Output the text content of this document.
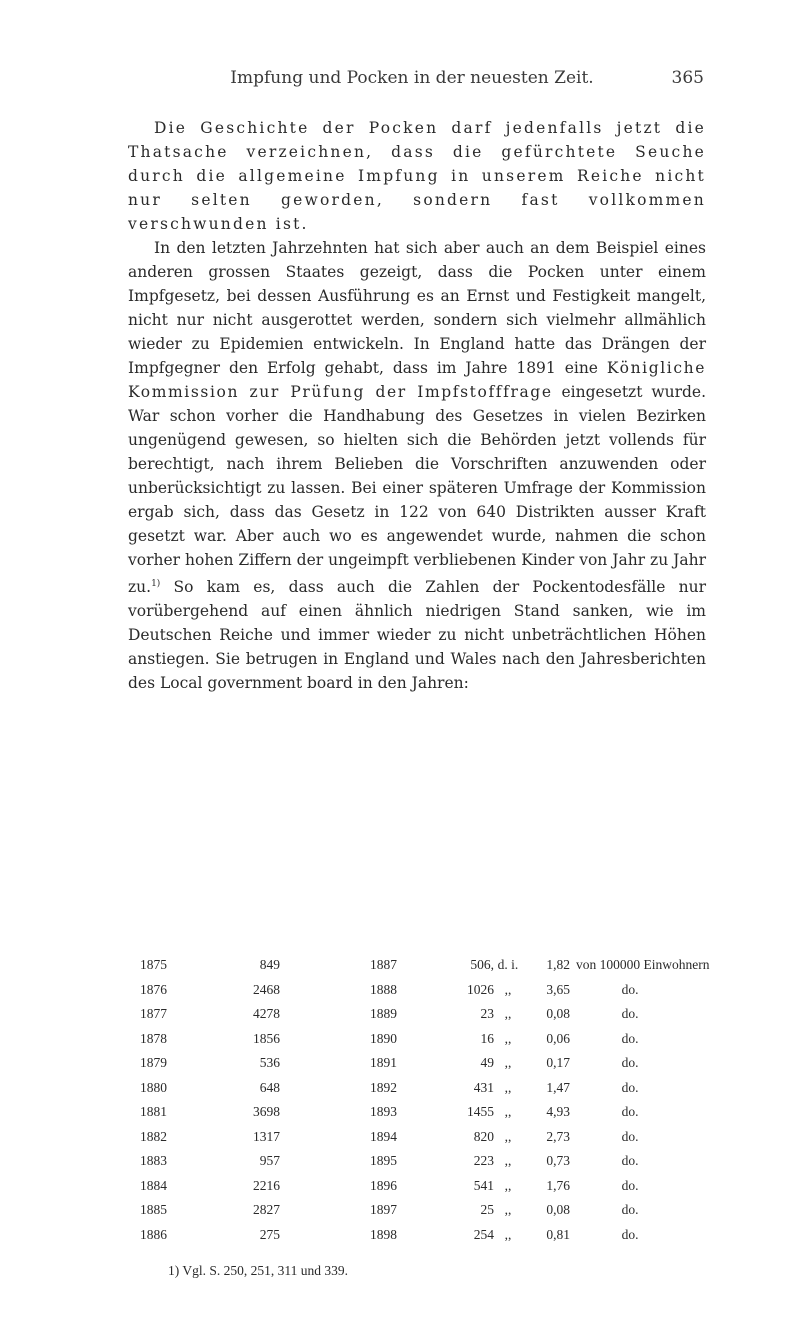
Impfung und Pocken in der neuesten Zeit.	365

Die Geschichte der Pocken darf jedenfalls jetzt die Thatsache verzeichnen, dass die gefürchtete Seuche durch die allgemeine Impfung in unserem Reiche nicht nur selten geworden, sondern fast vollkommen verschwunden ist.

In den letzten Jahrzehnten hat sich aber auch an dem Beispiel eines anderen grossen Staates gezeigt, dass die Pocken unter einem Impfgesetz, bei dessen Ausführung es an Ernst und Festigkeit mangelt, nicht nur nicht ausgerottet werden, sondern sich vielmehr allmählich wieder zu Epidemien entwickeln. In England hatte das Drängen der Impfgegner den Erfolg gehabt, dass im Jahre 1891 eine Königliche Kommission zur Prüfung der Impfstofffrage eingesetzt wurde. War schon vorher die Handhabung des Gesetzes in vielen Bezirken ungenügend gewesen, so hielten sich die Behörden jetzt vollends für berechtigt, nach ihrem Belieben die Vorschriften anzuwenden oder unberücksichtigt zu lassen. Bei einer späteren Umfrage der Kommission ergab sich, dass das Gesetz in 122 von 640 Distrikten ausser Kraft gesetzt war. Aber auch wo es angewendet wurde, nahmen die schon vorher hohen Ziffern der ungeimpft verbliebenen Kinder von Jahr zu Jahr zu.$^{1)}$ So kam es, dass auch die Zahlen der Pockentodesfälle nur vorübergehend auf einen ähnlich niedrigen Stand sanken, wie im Deutschen Reiche und immer wieder zu nicht unbeträchtlichen Höhen anstiegen. Sie betrugen in England und Wales nach den Jahresberichten des Local government board in den Jahren:

1875	849	1887	506, d. i.	1,82 von 100000 Einwohnern
1876	2468	1888	1026 ,,	3,65	do.
1877	4278	1889	23 ,,	0,08	do.
1878	1856	1890	16 ,,	0,06	do.
1879	536	1891	49 ,,	0,17	do.
1880	648	1892	431 ,,	1,47	do.
1881	3698	1893	1455 ,,	4,93	do.
1882	1317	1894	820 ,,	2,73	do.
1883	957	1895	223 ,,	0,73	do.
1884	2216	1896	541 ,,	1,76	do.
1885	2827	1897	25 ,,	0,08	do.
1886	275	1898	254 ,,	0,81	do.
1) Vgl. S. 250, 251, 311 und 339.
